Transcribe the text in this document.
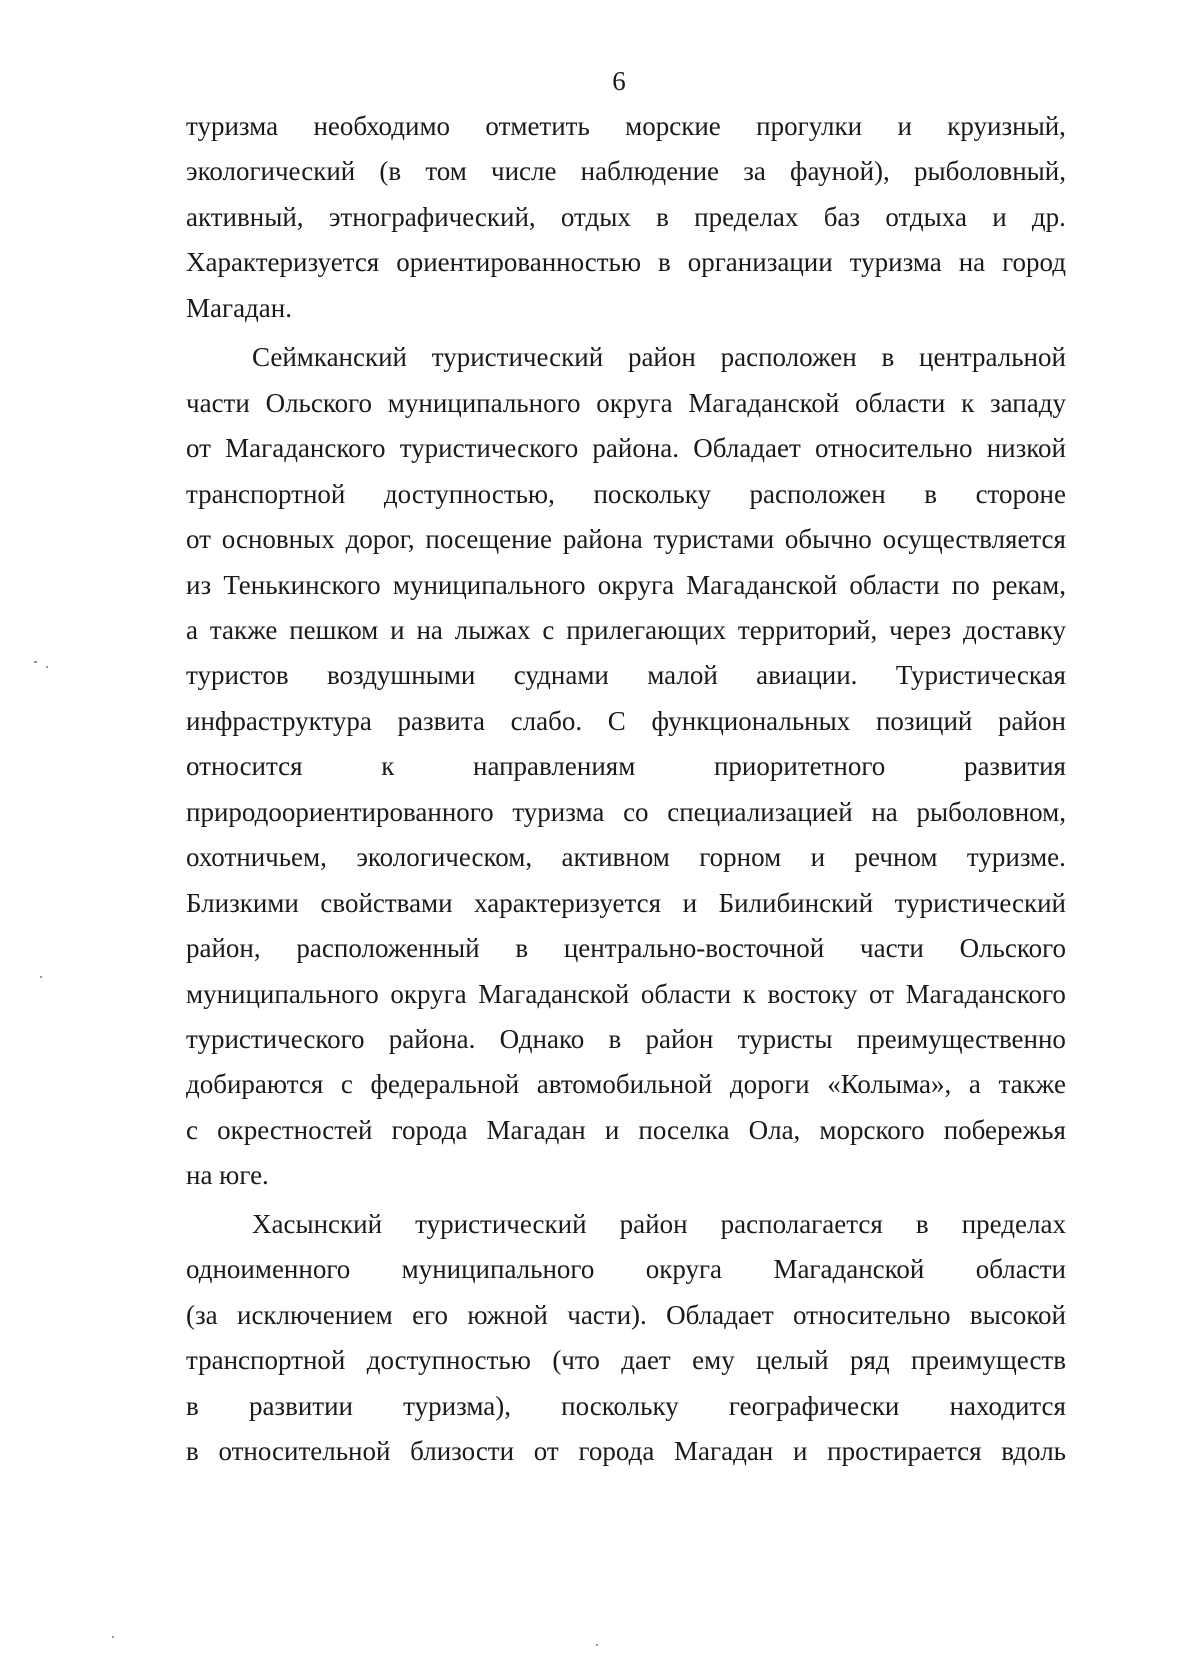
6
туризма необходимо отметить морские прогулки и круизный,
экологический (в том числе наблюдение за фауной), рыболовный,
активный, этнографический, отдых в пределах баз отдыха и др.
Характеризуется ориентированностью в организации туризма на город
Магадан.
Сеймканский туристический район расположен в центральной
части Ольского муниципального округа Магаданской области к западу
от Магаданского туристического района. Обладает относительно низкой
транспортной доступностью, поскольку расположен в стороне
от основных дорог, посещение района туристами обычно осуществляется
из Тенькинского муниципального округа Магаданской области по рекам,
а также пешком и на лыжах с прилегающих территорий, через доставку
туристов воздушными суднами малой авиации. Туристическая
инфраструктура развита слабо. С функциональных позиций район
относится	к	направлениям	приоритетного	развития
природоориентированного туризма со специализацией на рыболовном,
охотничьем, экологическом, активном горном и речном туризме.
Близкими свойствами характеризуется и Билибинский туристический
район, расположенный в центрально-восточной части Ольского
муниципального округа Магаданской области к востоку от Магаданского
туристического района. Однако в район туристы преимущественно
добираются с федеральной автомобильной дороги «Колыма», а также
с окрестностей города Магадан и поселка Ола, морского побережья
на юге.
Хасынский туристический район располагается в пределах
одноименного муниципального округа Магаданской области
(за исключением его южной части). Обладает относительно высокой
транспортной доступностью (что дает ему целый ряд преимуществ
в развитии туризма), поскольку географически находится
в относительной близости от города Магадан и простирается вдоль
